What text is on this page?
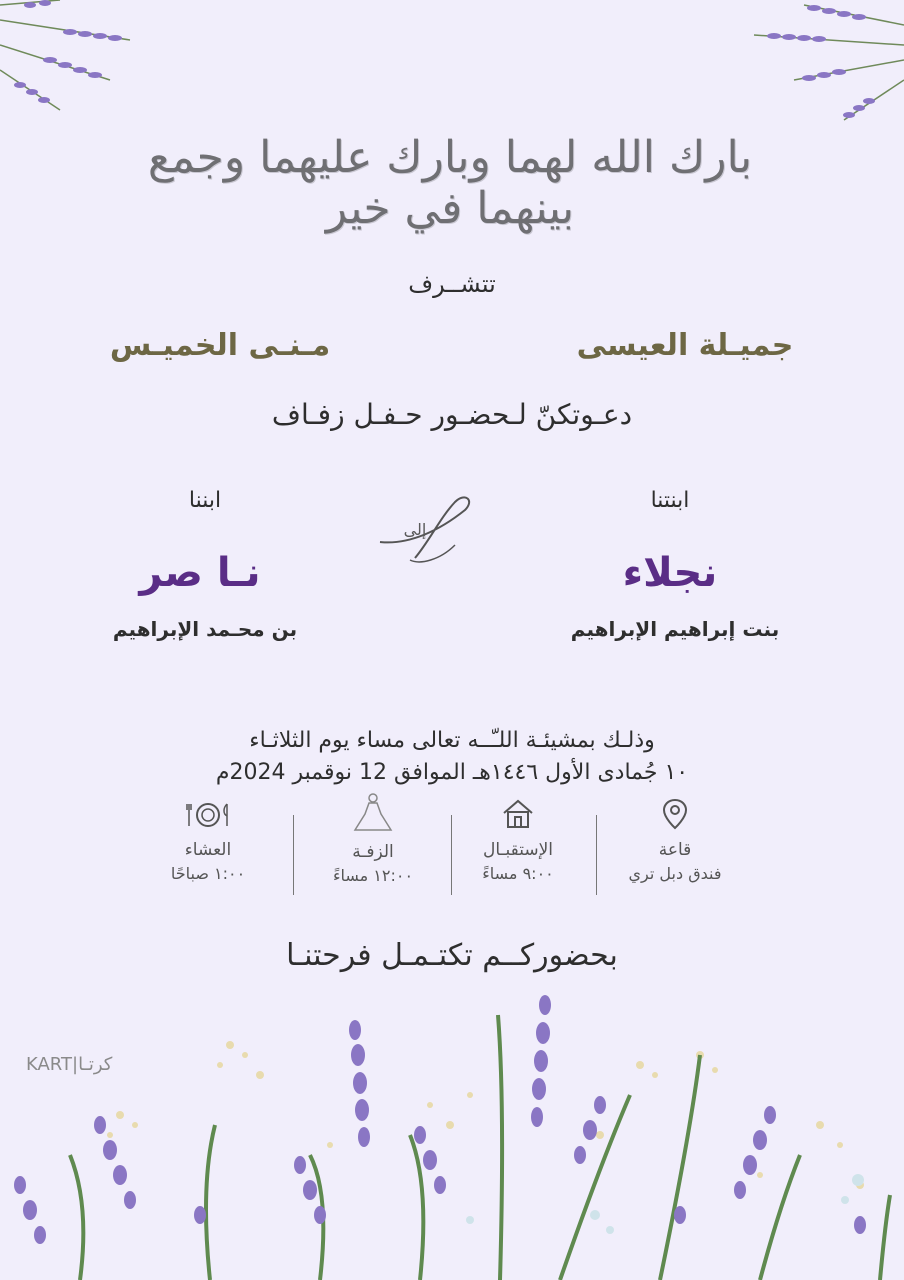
بارك الله لهما وبارك عليهما وجمع بينهما في خير
تتشــرف
جميـلة العيسى
مـنـى الخميـس
دعـوتكنّ لـحضـور حـفـل زفـاف
ابنتنا
نجلاء
بنت إبراهيم الإبراهيم
إلى
ابننا
نـا صر
بن محـمد الإبراهيم
وذلـك بمشيئـة اللـّــه تعالى مساء يوم الثلاثـاء
١٠ جُمادى الأول ١٤٤٦هـ الموافق 12 نوقمبر 2024م
قاعة
فندق دبل تري
الإستقبـال
٩:٠٠ مساءً
الزفـة
١٢:٠٠ مساءً
العشاء
١:٠٠ صباحًا
بحضوركــم تكتـمـل فرحتنـا
KART|كرتـا
